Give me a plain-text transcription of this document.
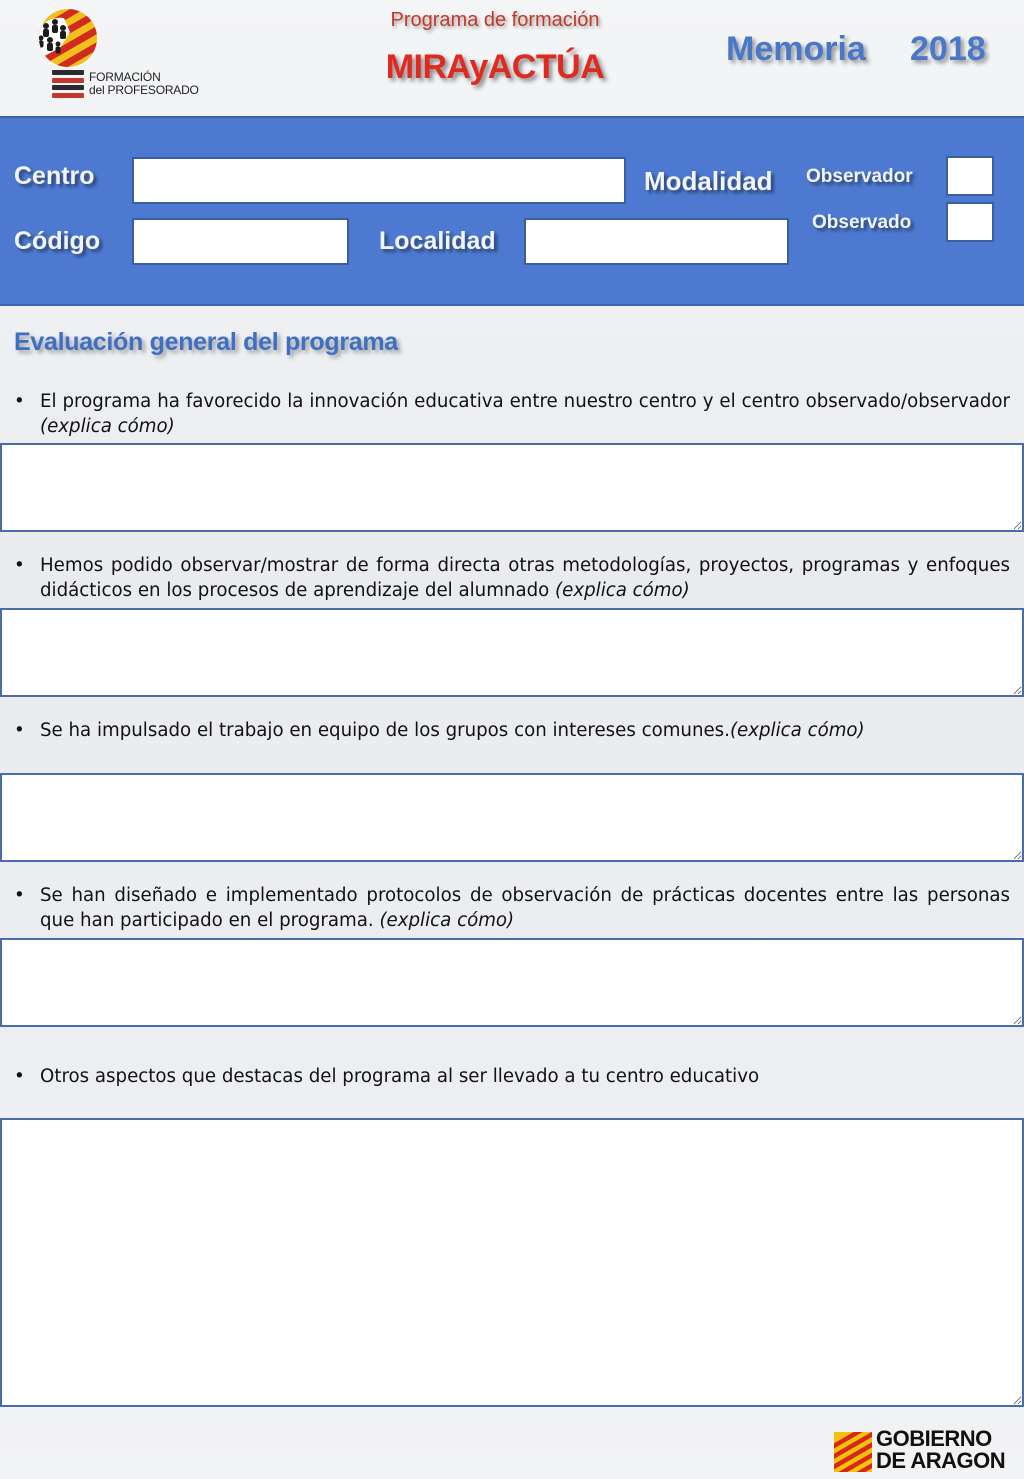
FORMACIÓN
del PROFESORADO
Programa de formación
MIRAyACTÚA	Memoria 2018
Centro	Modalidad Observador
Observado
Código	Localidad
Evaluación general del programa
• El programa ha favorecido la innovación educativa entre nuestro centro y el centro observado/observador (explica cómo)
• Hemos podido observar/mostrar de forma directa otras metodologías, proyectos, programas y enfoques didácticos en los procesos de aprendizaje del alumnado (explica cómo)
• Se ha impulsado el trabajo en equipo de los grupos con intereses comunes.(explica cómo)
• Se han diseñado e implementado protocolos de observación de prácticas docentes entre las personas que han participado en el programa. (explica cómo)
• Otros aspectos que destacas del programa al ser llevado a tu centro educativo
GOBIERNO
DE ARAGON
